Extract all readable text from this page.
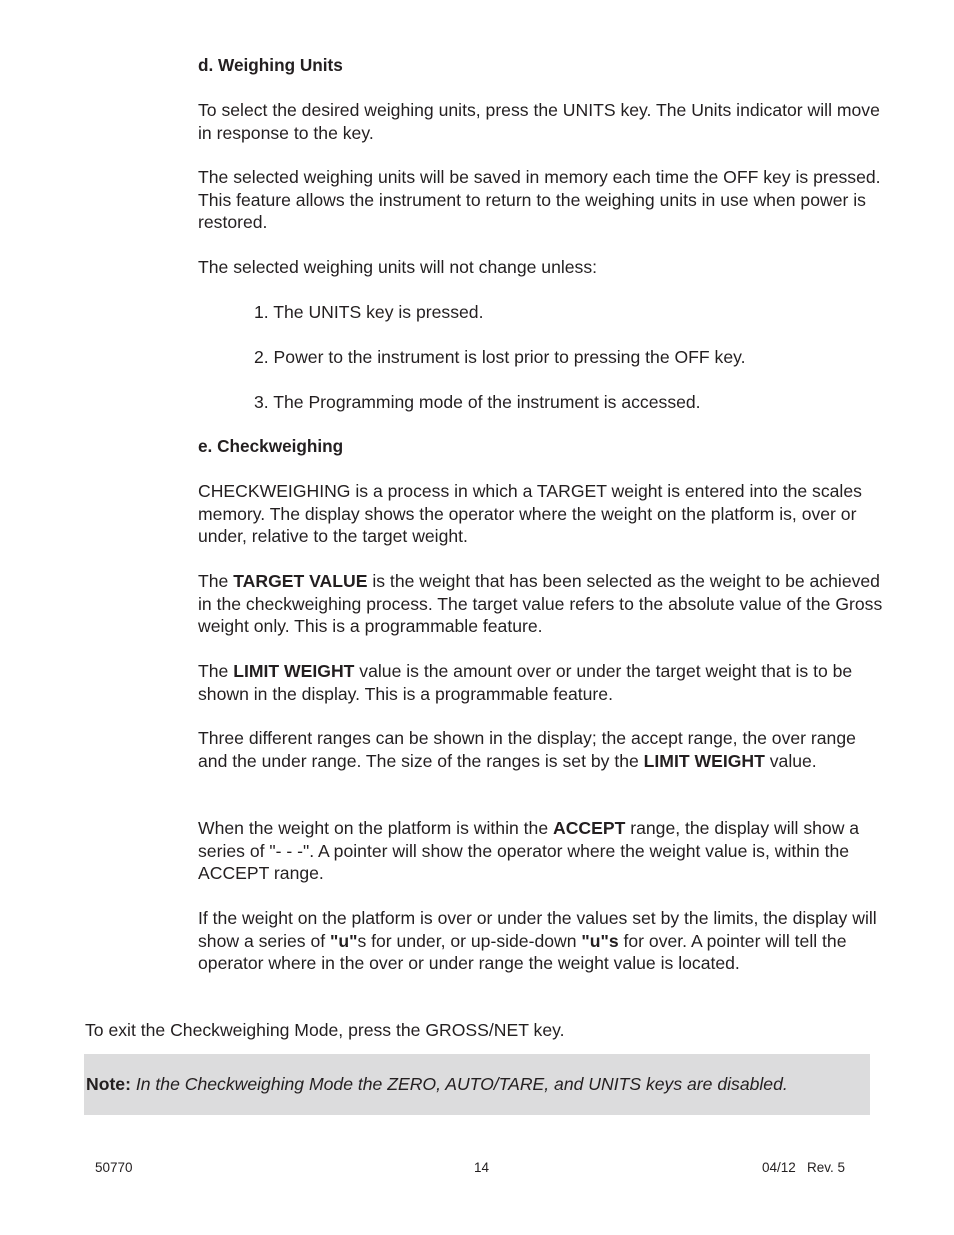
d. Weighing Units

To select the desired weighing units, press the UNITS key. The Units indicator will move in response to the key.

The selected weighing units will be saved in memory each time the OFF key is pressed. This feature allows the instrument to return to the weighing units in use when power is restored.

The selected weighing units will not change unless:

1. The UNITS key is pressed.
2. Power to the instrument is lost prior to pressing the OFF key.
3. The Programming mode of the instrument is accessed.
e. Checkweighing

CHECKWEIGHING is a process in which a TARGET weight is entered into the scales memory. The display shows the operator where the weight on the platform is, over or under, relative to the target weight.

The TARGET VALUE is the weight that has been selected as the weight to be achieved in the checkweighing process. The target value refers to the absolute value of the Gross weight only. This is a programmable feature.

The LIMIT WEIGHT value is the amount over or under the target weight that is to be shown in the display. This is a programmable feature.

Three different ranges can be shown in the display; the accept range, the over range and the under range. The size of the ranges is set by the LIMIT WEIGHT value.

When the weight on the platform is within the ACCEPT range, the display will show a series of "- - -". A pointer will show the operator where the weight value is, within the ACCEPT range.

If the weight on the platform is over or under the values set by the limits, the display will show a series of "u"s for under, or up-side-down "u"s for over. A pointer will tell the operator where in the over or under range the weight value is located.

To exit the Checkweighing Mode, press the GROSS/NET key.

Note: In the Checkweighing Mode the ZERO, AUTO/TARE, and UNITS keys are disabled.
50770	14	04/12   Rev. 5
